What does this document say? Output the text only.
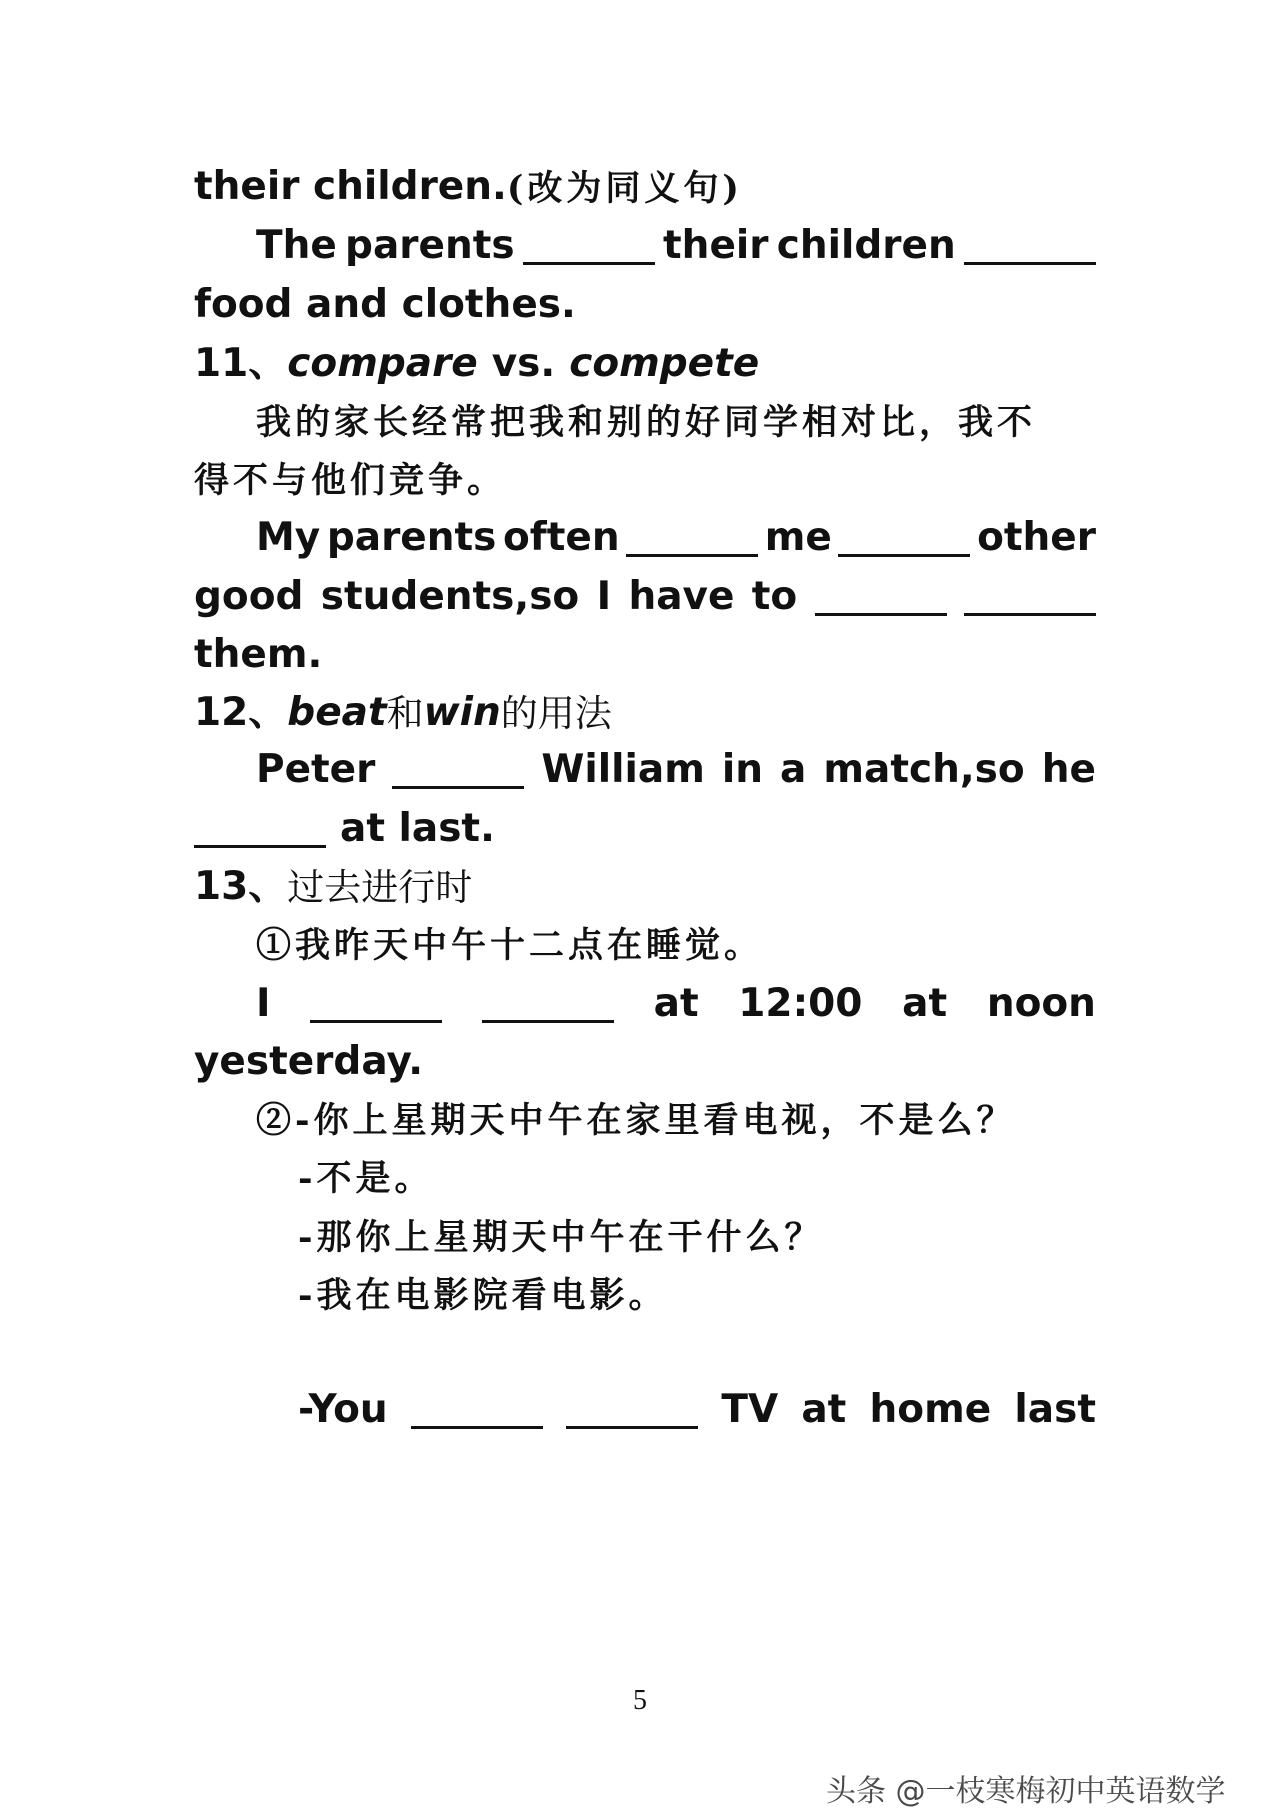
their children. (改为同义句)
The parents	their children
food and clothes.
11、 compare vs. compete
我的家长经常把我和别的好同学相对比，我不
得不与他们竞争。
My parents often	me	other
good students,so I have to
them.
12、 beat 和 win 的用法
Peter	William in a match,so he
at last.
13、 过去进行时
①我昨天中午十二点在睡觉。
I	at 12:00 at noon
yesterday.
②-你上星期天中午在家里看电视，不是么？
-不是。
-那你上星期天中午在干什么？
-我在电影院看电影。
-You	TV at home last
5
头条 @一枝寒梅初中英语数学
